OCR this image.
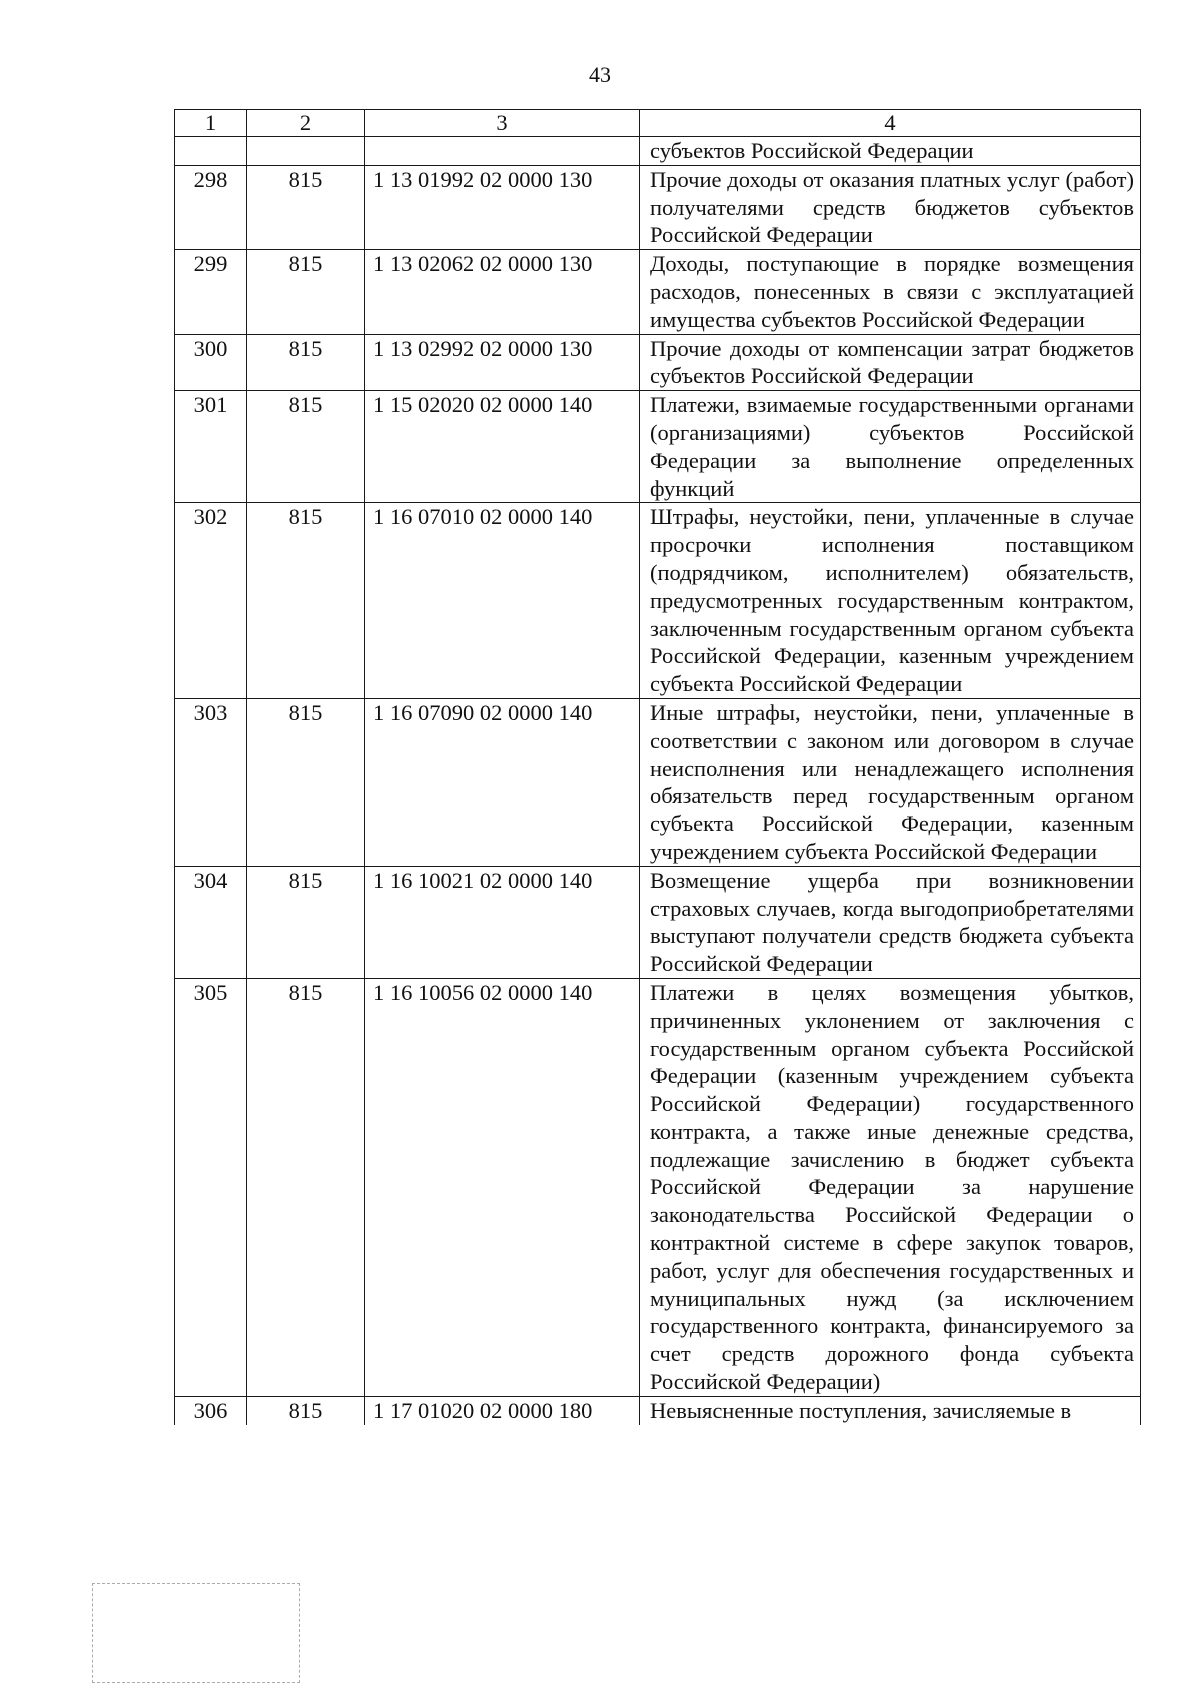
43
1	2	3	4
			субъектов Российской Федерации
298	815	1 13 01992 02 0000 130	Прочие доходы от оказания платных услуг (работ) получателями средств бюджетов субъектов Российской Федерации
299	815	1 13 02062 02 0000 130	Доходы, поступающие в порядке возмещения расходов, понесенных в связи с эксплуатацией имущества субъектов Российской Федерации
300	815	1 13 02992 02 0000 130	Прочие доходы от компенсации затрат бюджетов субъектов Российской Федерации
301	815	1 15 02020 02 0000 140	Платежи, взимаемые государственными органами (организациями) субъектов Российской Федерации за выполнение определенных функций
302	815	1 16 07010 02 0000 140	Штрафы, неустойки, пени, уплаченные в случае просрочки исполнения поставщиком (подрядчиком, исполнителем) обязательств, предусмотренных государственным контрактом, заключенным государственным органом субъекта Российской Федерации, казенным учреждением субъекта Российской Федерации
303	815	1 16 07090 02 0000 140	Иные штрафы, неустойки, пени, уплаченные в соответствии с законом или договором в случае неисполнения или ненадлежащего исполнения обязательств перед государственным органом субъекта Российской Федерации, казенным учреждением субъекта Российской Федерации
304	815	1 16 10021 02 0000 140	Возмещение ущерба при возникновении страховых случаев, когда выгодоприобретателями выступают получатели средств бюджета субъекта Российской Федерации
305	815	1 16 10056 02 0000 140	Платежи в целях возмещения убытков, причиненных уклонением от заключения с государственным органом субъекта Российской Федерации (казенным учреждением субъекта Российской Федерации) государственного контракта, а также иные денежные средства, подлежащие зачислению в бюджет субъекта Российской Федерации за нарушение законодательства Российской Федерации о контрактной системе в сфере закупок товаров, работ, услуг для обеспечения государственных и муниципальных нужд (за исключением государственного контракта, финансируемого за счет средств дорожного фонда субъекта Российской Федерации)
306	815	1 17 01020 02 0000 180	Невыясненные поступления, зачисляемые в
